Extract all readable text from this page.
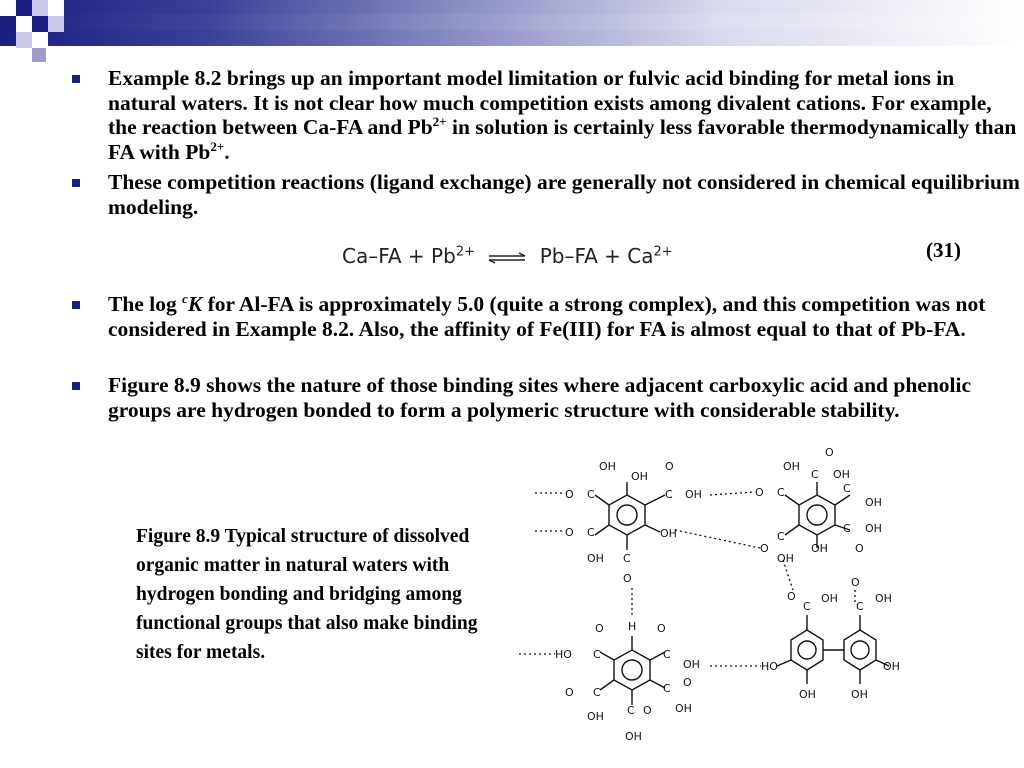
Example 8.2 brings up an important model limitation or fulvic acid binding for metal ions in natural waters. It is not clear how much competition exists among divalent cations. For example, the reaction between Ca-FA and $Pb^{2+}$ in solution is certainly less favorable thermodynamically than FA with $Pb^{2+}$.
These competition reactions (ligand exchange) are generally not considered in chemical equilibrium modeling.
$Ca-FA + Pb^{2+}$ ⇌ $Pb-FA + Ca^{2+}$	(31)
The log $^c$K for Al-FA is approximately 5.0 (quite a strong complex), and this competition was not considered in Example 8.2. Also, the affinity of Fe(III) for FA is almost equal to that of Pb-FA.
Figure 8.9 shows the nature of those binding sites where adjacent carboxylic acid and phenolic groups are hydrogen bonded to form a polymeric structure with considerable stability.
Figure 8.9 Typical structure of dissolved organic matter in natural waters with hydrogen bonding and bridging among functional groups that also make binding sites for metals.
OH
OH
O
O C	C OH
O C
OH
OH
C
O
OH
O
C OH
O C	C
OH
C OH
O
O
C
OH
OH
H
O	O
HO C	C
OH
O C
OH C O
OH
C O
OH
O
C
OH
O
C
OH
HO
OH	OH
OH
